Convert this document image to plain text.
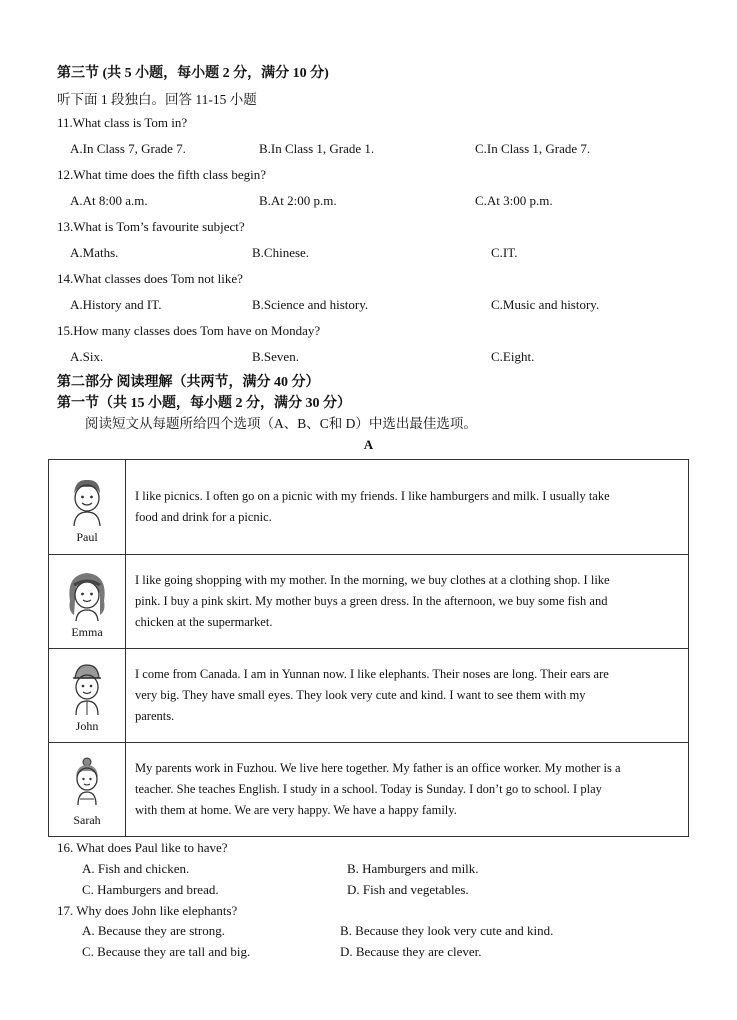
第三节 (共 5 小题，每小题 2 分，满分 10 分)
听下面 1 段独白。回答 11-15 小题
11.What class is Tom in?
A.In Class 7, Grade 7.	B.In Class 1, Grade 1.	C.In Class 1, Grade 7.
12.What time does the fifth class begin?
A.At 8:00 a.m.	B.At 2:00 p.m.	C.At 3:00 p.m.
13.What is Tom’s favourite subject?
A.Maths.	B.Chinese.	C.IT.
14.What classes does Tom not like?
A.History and IT.	B.Science and history.	C.Music and history.
15.How many classes does Tom have on Monday?
A.Six.	B.Seven.	C.Eight.
第二部分 阅读理解（共两节，满分 40 分）
第一节（共 15 小题，每小题 2 分，满分 30 分）
阅读短文从每题所给四个选项（A、B、C和 D）中选出最佳选项。
A
Paul	I like picnics. I often go on a picnic with my friends. I like hamburgers and milk. I usually take
food and drink for a picnic.

Emma	I like going shopping with my mother. In the morning, we buy clothes at a clothing shop. I like
pink. I buy a pink skirt. My mother buys a green dress. In the afternoon, we buy some fish and
chicken at the supermarket.

John	I come from Canada. I am in Yunnan now. I like elephants. Their noses are long. Their ears are
very big. They have small eyes. They look very cute and kind. I want to see them with my
parents.

Sarah	My parents work in Fuzhou. We live here together. My father is an office worker. My mother is a
teacher. She teaches English. I study in a school. Today is Sunday. I don’t go to school. I play
with them at home. We are very happy. We have a happy family.
16. What does Paul like to have?
A. Fish and chicken.	B. Hamburgers and milk.
C. Hamburgers and bread.	D. Fish and vegetables.
17. Why does John like elephants?
A. Because they are strong.	B. Because they look very cute and kind.
C. Because they are tall and big.	D. Because they are clever.
